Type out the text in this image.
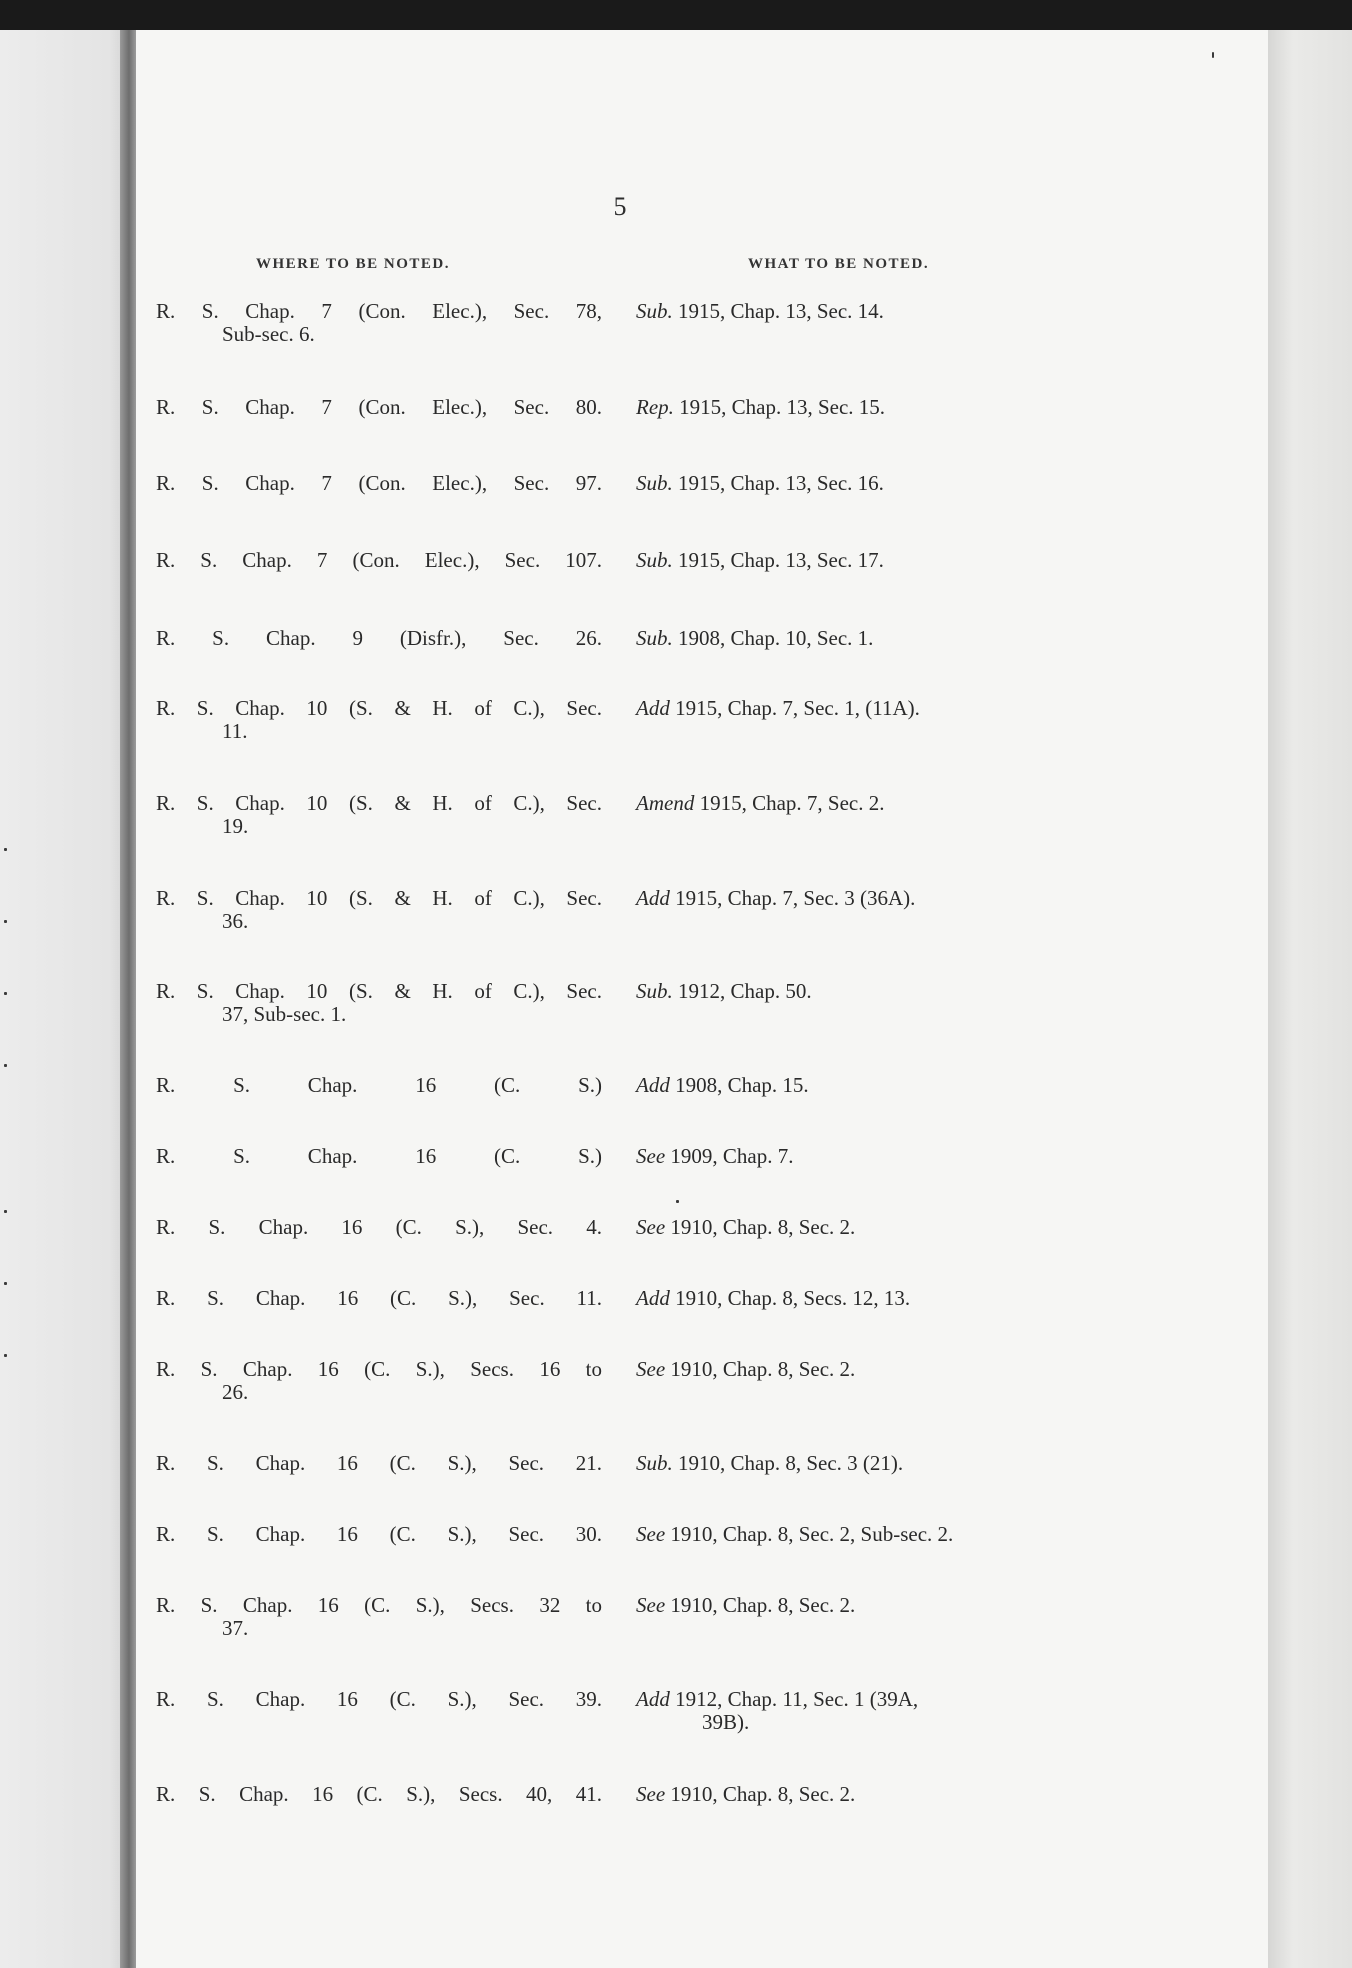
5
WHERE TO BE NOTED.	WHAT TO BE NOTED.
R. S. Chap. 7 (Con. Elec.), Sec. 78,
Sub-sec. 6.
Sub. 1915, Chap. 13, Sec. 14.
R. S. Chap. 7 (Con. Elec.), Sec. 80. Rep. 1915, Chap. 13, Sec. 15.
R. S. Chap. 7 (Con. Elec.), Sec. 97. Sub. 1915, Chap. 13, Sec. 16.
R. S. Chap. 7 (Con. Elec.), Sec. 107. Sub. 1915, Chap. 13, Sec. 17.
R. S. Chap. 9 (Disfr.), Sec. 26. Sub. 1908, Chap. 10, Sec. 1.
R. S. Chap. 10 (S. & H. of C.), Sec.
11.
Add 1915, Chap. 7, Sec. 1, (11A).
R. S. Chap. 10 (S. & H. of C.), Sec.
19.
Amend 1915, Chap. 7, Sec. 2.
R. S. Chap. 10 (S. & H. of C.), Sec.
36.
Add 1915, Chap. 7, Sec. 3 (36A).
R. S. Chap. 10 (S. & H. of C.), Sec.
37, Sub-sec. 1.
Sub. 1912, Chap. 50.
R. S. Chap. 16 (C. S.) Add 1908, Chap. 15.
R. S. Chap. 16 (C. S.) See 1909, Chap. 7.
R. S. Chap. 16 (C. S.), Sec. 4. See 1910, Chap. 8, Sec. 2.
R. S. Chap. 16 (C. S.), Sec. 11. Add 1910, Chap. 8, Secs. 12, 13.
R. S. Chap. 16 (C. S.), Secs. 16 to
26.
See 1910, Chap. 8, Sec. 2.
R. S. Chap. 16 (C. S.), Sec. 21. Sub. 1910, Chap. 8, Sec. 3 (21).
R. S. Chap. 16 (C. S.), Sec. 30. See 1910, Chap. 8, Sec. 2, Sub-sec. 2.
R. S. Chap. 16 (C. S.), Secs. 32 to
37.
See 1910, Chap. 8, Sec. 2.
R. S. Chap. 16 (C. S.), Sec. 39. Add 1912, Chap. 11, Sec. 1 (39A,
39B).
R. S. Chap. 16 (C. S.), Secs. 40, 41. See 1910, Chap. 8, Sec. 2.
